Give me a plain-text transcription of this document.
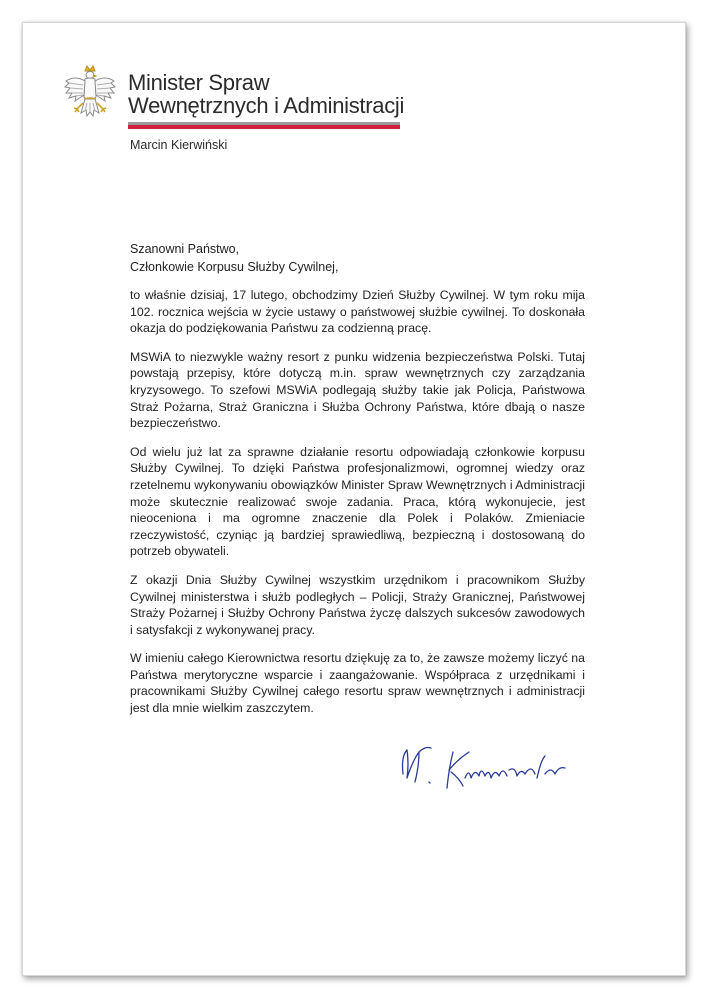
Minister Spraw
Wewnętrznych i Administracji
Marcin Kierwiński
Szanowni Państwo,
Członkowie Korpusu Służby Cywilnej,

to właśnie dzisiaj, 17 lutego, obchodzimy Dzień Służby Cywilnej. W tym roku mija 102. rocznica wejścia w życie ustawy o państwowej służbie cywilnej. To doskonała okazja do podziękowania Państwu za codzienną pracę.

MSWiA to niezwykle ważny resort z punku widzenia bezpieczeństwa Polski. Tutaj powstają przepisy, które dotyczą m.in. spraw wewnętrznych czy zarządzania kryzysowego. To szefowi MSWiA podlegają służby takie jak Policja, Państwowa Straż Pożarna, Straż Graniczna i Służba Ochrony Państwa, które dbają o nasze bezpieczeństwo.

Od wielu już lat za sprawne działanie resortu odpowiadają członkowie korpusu Służby Cywilnej. To dzięki Państwa profesjonalizmowi, ogromnej wiedzy oraz rzetelnemu wykonywaniu obowiązków Minister Spraw Wewnętrznych i Administracji może skutecznie realizować swoje zadania. Praca, którą wykonujecie, jest nieoceniona i ma ogromne znaczenie dla Polek i Polaków. Zmieniacie rzeczywistość, czyniąc ją bardziej sprawiedliwą, bezpieczną i dostosowaną do potrzeb obywateli.

Z okazji Dnia Służby Cywilnej wszystkim urzędnikom i pracownikom Służby Cywilnej ministerstwa i służb podległych – Policji, Straży Granicznej, Państwowej Straży Pożarnej i Służby Ochrony Państwa życzę dalszych sukcesów zawodowych i satysfakcji z wykonywanej pracy.

W imieniu całego Kierownictwa resortu dziękuję za to, że zawsze możemy liczyć na Państwa merytoryczne wsparcie i zaangażowanie. Współpraca z urzędnikami i pracownikami Służby Cywilnej całego resortu spraw wewnętrznych i administracji jest dla mnie wielkim zaszczytem.
